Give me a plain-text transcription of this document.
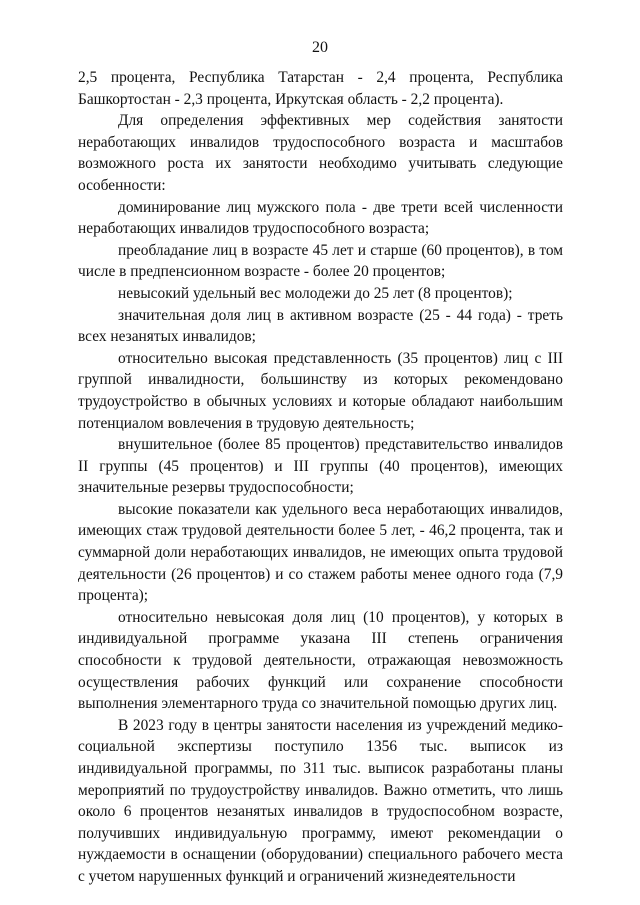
20

2,5 процента, Республика Татарстан - 2,4 процента, Республика Башкортостан - 2,3 процента, Иркутская область - 2,2 процента).

Для определения эффективных мер содействия занятости неработающих инвалидов трудоспособного возраста и масштабов возможного роста их занятости необходимо учитывать следующие особенности:

доминирование лиц мужского пола - две трети всей численности неработающих инвалидов трудоспособного возраста;

преобладание лиц в возрасте 45 лет и старше (60 процентов), в том числе в предпенсионном возрасте - более 20 процентов;

невысокий удельный вес молодежи до 25 лет (8 процентов);

значительная доля лиц в активном возрасте (25 - 44 года) - треть всех незанятых инвалидов;

относительно высокая представленность (35 процентов) лиц с III группой инвалидности, большинству из которых рекомендовано трудоустройство в обычных условиях и которые обладают наибольшим потенциалом вовлечения в трудовую деятельность;

внушительное (более 85 процентов) представительство инвалидов II группы (45 процентов) и III группы (40 процентов), имеющих значительные резервы трудоспособности;

высокие показатели как удельного веса неработающих инвалидов, имеющих стаж трудовой деятельности более 5 лет, - 46,2 процента, так и суммарной доли неработающих инвалидов, не имеющих опыта трудовой деятельности (26 процентов) и со стажем работы менее одного года (7,9 процента);

относительно невысокая доля лиц (10 процентов), у которых в индивидуальной программе указана III степень ограничения способности к трудовой деятельности, отражающая невозможность осуществления рабочих функций или сохранение способности выполнения элементарного труда со значительной помощью других лиц.

В 2023 году в центры занятости населения из учреждений медико-социальной экспертизы поступило 1356 тыс. выписок из индивидуальной программы, по 311 тыс. выписок разработаны планы мероприятий по трудоустройству инвалидов. Важно отметить, что лишь около 6 процентов незанятых инвалидов в трудоспособном возрасте, получивших индивидуальную программу, имеют рекомендации о нуждаемости в оснащении (оборудовании) специального рабочего места с учетом нарушенных функций и ограничений жизнедеятельности
